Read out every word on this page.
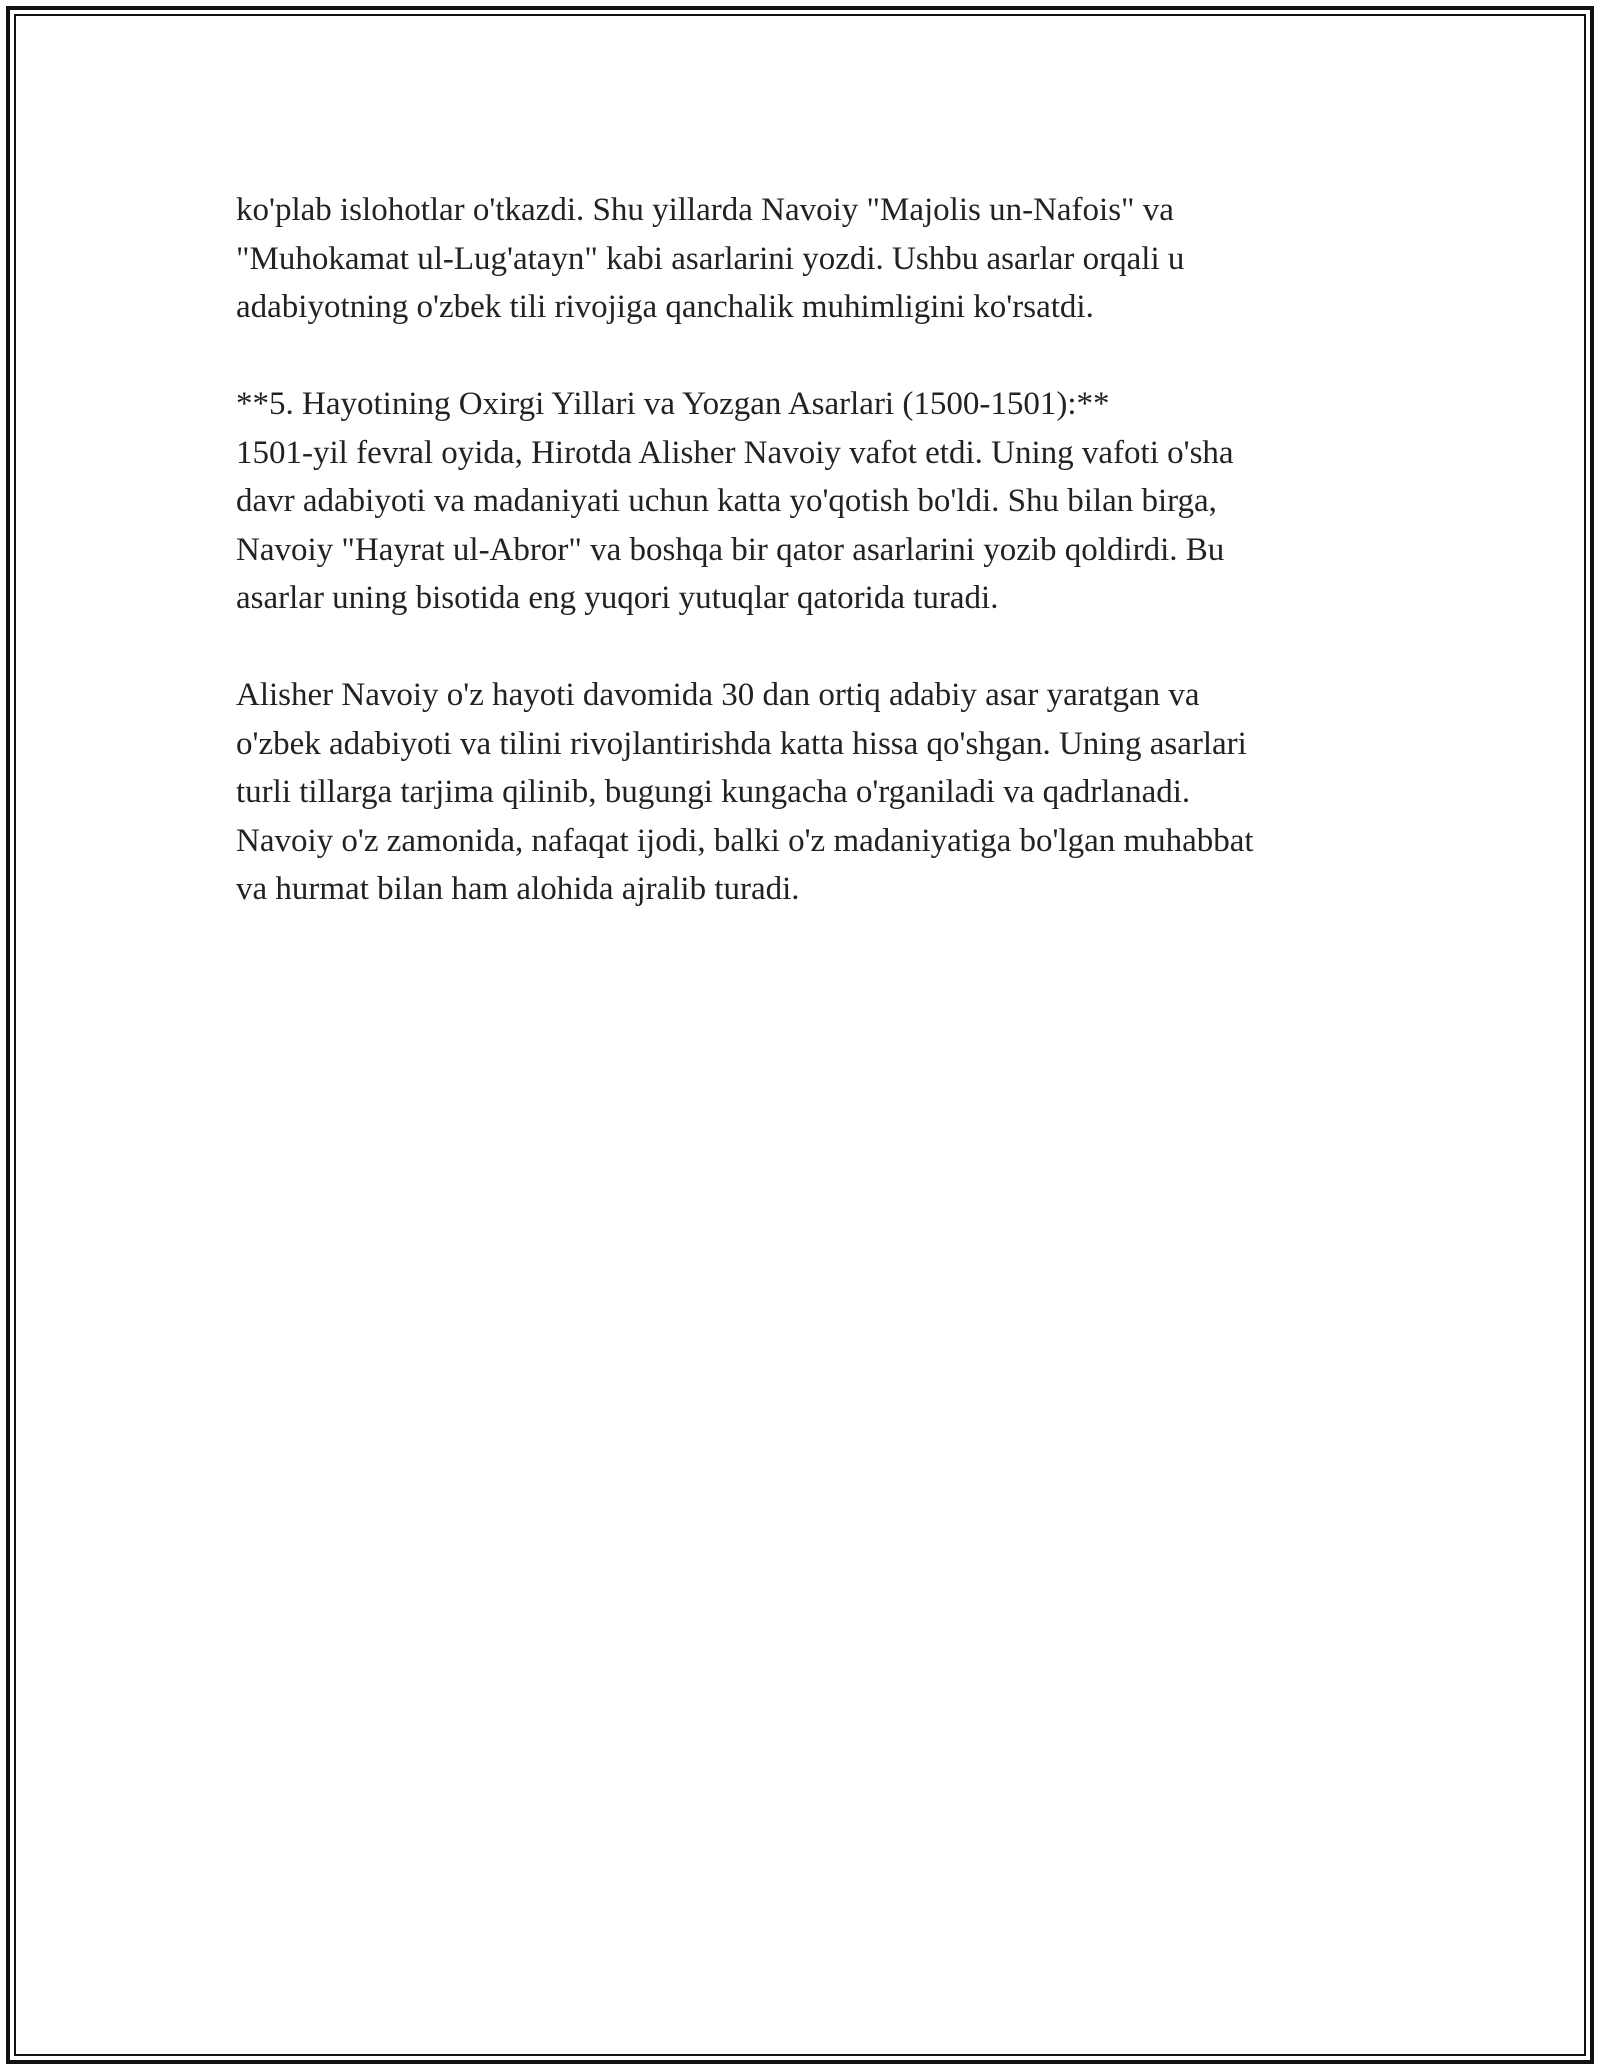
ko'plab islohotlar o'tkazdi. Shu yillarda Navoiy "Majolis un-Nafois" va
"Muhokamat ul-Lug'atayn" kabi asarlarini yozdi. Ushbu asarlar orqali u
adabiyotning o'zbek tili rivojiga qanchalik muhimligini ko'rsatdi.

**5. Hayotining Oxirgi Yillari va Yozgan Asarlari (1500-1501):**
1501-yil fevral oyida, Hirotda Alisher Navoiy vafot etdi. Uning vafoti o'sha
davr adabiyoti va madaniyati uchun katta yo'qotish bo'ldi. Shu bilan birga,
Navoiy "Hayrat ul-Abror" va boshqa bir qator asarlarini yozib qoldirdi. Bu
asarlar uning bisotida eng yuqori yutuqlar qatorida turadi.

Alisher Navoiy o'z hayoti davomida 30 dan ortiq adabiy asar yaratgan va
o'zbek adabiyoti va tilini rivojlantirishda katta hissa qo'shgan. Uning asarlari
turli tillarga tarjima qilinib, bugungi kungacha o'rganiladi va qadrlanadi.
Navoiy o'z zamonida, nafaqat ijodi, balki o'z madaniyatiga bo'lgan muhabbat
va hurmat bilan ham alohida ajralib turadi.
